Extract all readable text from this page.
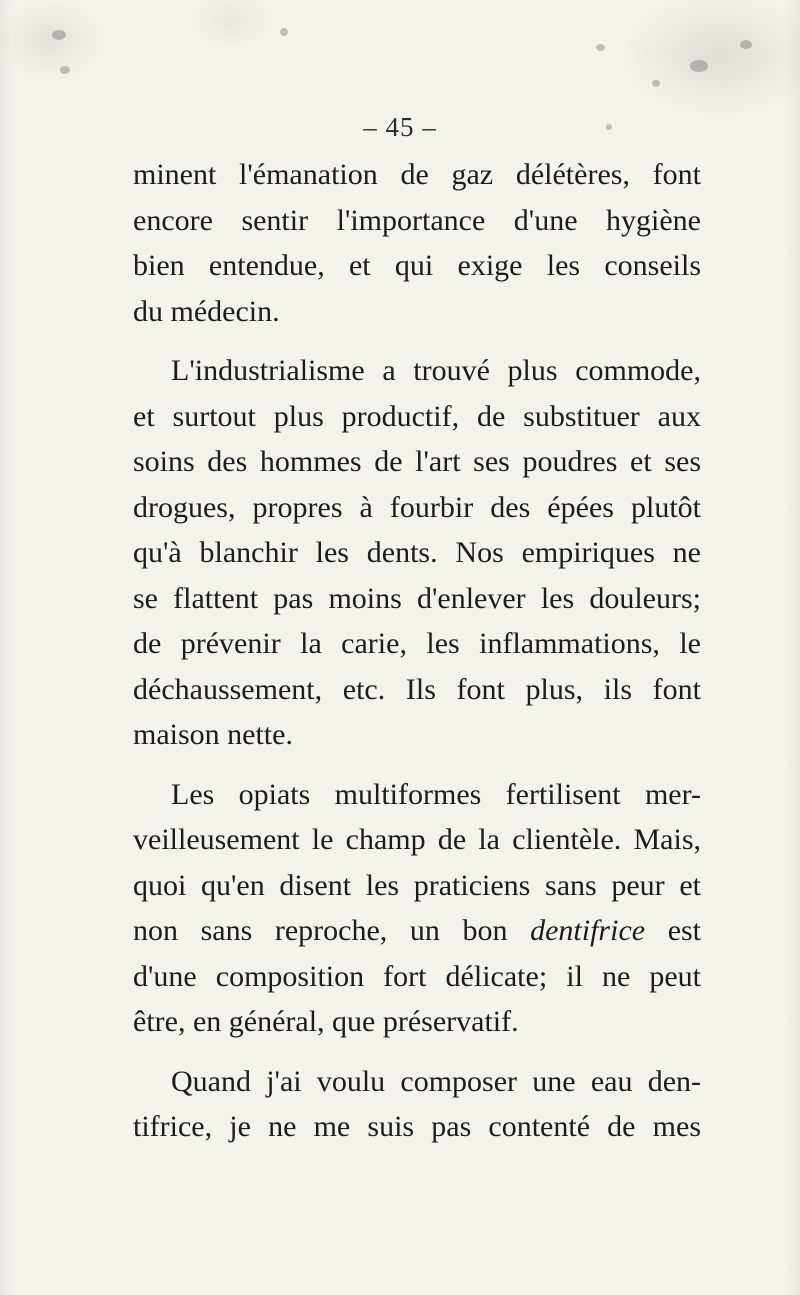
– 45 –
minent l'émanation de gaz délétères, font
encore sentir l'importance d'une hygiène
bien entendue, et qui exige les conseils
du médecin.
L'industrialisme a trouvé plus commode,
et surtout plus productif, de substituer aux
soins des hommes de l'art ses poudres et ses
drogues, propres à fourbir des épées plutôt
qu'à blanchir les dents. Nos empiriques ne
se flattent pas moins d'enlever les douleurs;
de prévenir la carie, les inflammations, le
déchaussement, etc. Ils font plus, ils font
maison nette.
Les opiats multiformes fertilisent mer-
veilleusement le champ de la clientèle. Mais,
quoi qu'en disent les praticiens sans peur et
non sans reproche, un bon dentifrice est
d'une composition fort délicate; il ne peut
être, en général, que préservatif.
Quand j'ai voulu composer une eau den-
tifrice, je ne me suis pas contenté de mes
